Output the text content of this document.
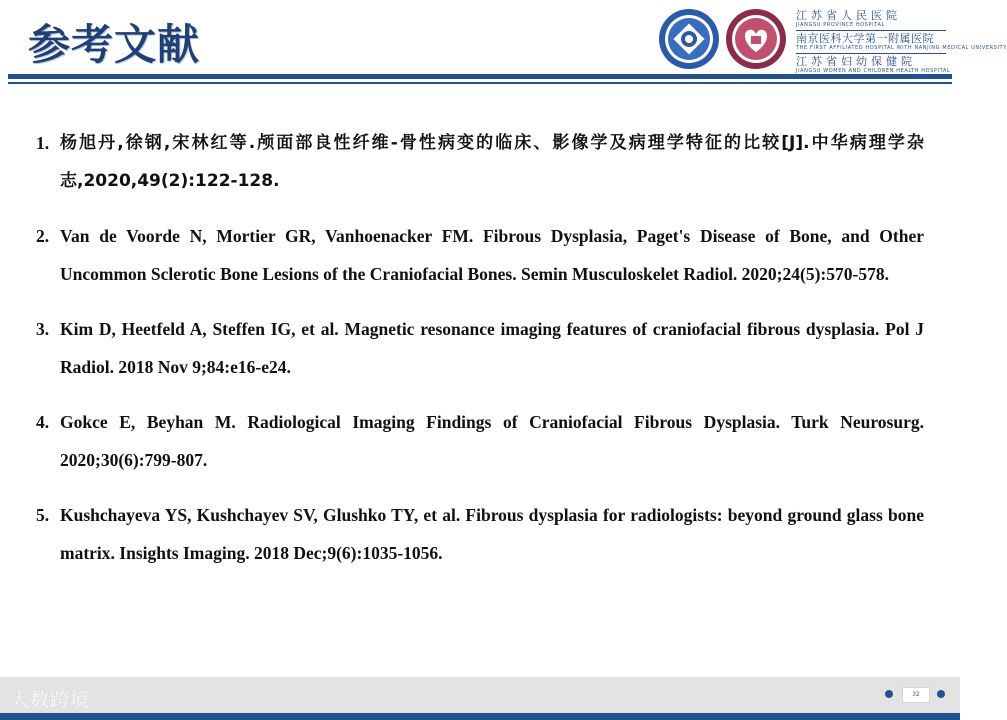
参考文献
江苏省人民医院
JIANGSU PROVINCE HOSPITAL
南京医科大学第一附属医院
THE FIRST AFFILIATED HOSPITAL WITH NANJING MEDICAL UNIVERSITY
江苏省妇幼保健院
JIANGSU WOMEN AND CHILDREN HEALTH HOSPITAL
1. 杨旭丹,徐钢,宋林红等.颅面部良性纤维-骨性病变的临床、影像学及病理学特征的比较[J].中华病理学杂志,2020,49(2):122-128.
2. Van de Voorde N, Mortier GR, Vanhoenacker FM. Fibrous Dysplasia, Paget's Disease of Bone, and Other Uncommon Sclerotic Bone Lesions of the Craniofacial Bones. Semin Musculoskelet Radiol. 2020;24(5):570-578.
3. Kim D, Heetfeld A, Steffen IG, et al. Magnetic resonance imaging features of craniofacial fibrous dysplasia. Pol J Radiol. 2018 Nov 9;84:e16-e24.
4. Gokce E, Beyhan M. Radiological Imaging Findings of Craniofacial Fibrous Dysplasia. Turk Neurosurg. 2020;30(6):799-807.
5. Kushchayeva YS, Kushchayev SV, Glushko TY, et al. Fibrous dysplasia for radiologists: beyond ground glass bone matrix. Insights Imaging. 2018 Dec;9(6):1035-1056.
大数跨境	32
